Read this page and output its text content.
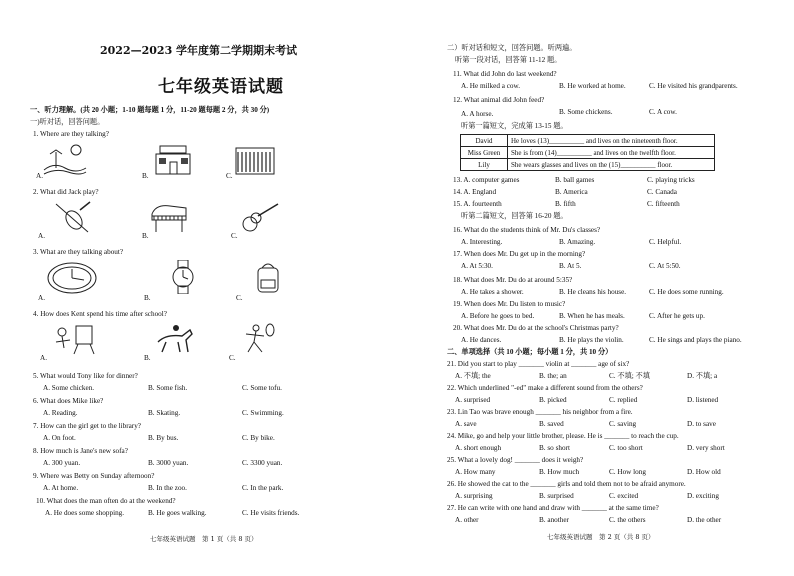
2022—2023 学年度第二学期期末考试
七年级英语试题
一、听力理解。(共 20 小题；1-10 题每题 1 分，11-20 题每题 2 分，共 30 分)
一)听对话，回答问题。
1. Where are they talking?
A.	B.	C.
2. What did Jack play?
A.	B.	C.
3. What are they talking about?
A.	B.	C.
4. How does Kent spend his time after school?
A.	B.	C.
5. What would Tony like for dinner?
A. Some chicken.	B. Some fish.	C. Some tofu.
6. What does Mike like?
A. Reading.	B. Skating.	C. Swimming.
7. How can the girl get to the library?
A. On foot.	B. By bus.	C. By bike.
8. How much is Jane's new sofa?
A. 300 yuan.	B. 3000 yuan.	C. 3300 yuan.
9. Where was Betty on Sunday afternoon?
A. At home.	B. In the zoo.	C. In the park.
10. What does the man often do at the weekend?
A. He does some shopping.	B. He goes walking.	C. He visits friends.
七年级英语试题　第 1 页（共 8 页）
二）听对话和短文，回答问题。听两遍。
听第一段对话，回答第 11-12 题。
11. What did John do last weekend?
A. He milked a cow.	B. He worked at home.	C. He visited his grandparents.
12. What animal did John feed?
A. A horse.	B. Some chickens.	C. A cow.
听第一篇短文，完成第 13-15 题。
David	He loves (13)__________ and lives on the nineteenth floor.
Miss Green	She is from (14)__________ and lives on the twelfth floor.
Lily	She wears glasses and lives on the (15)__________ floor.
13. A. computer games	B. ball games	C. playing tricks
14. A. England	B. America	C. Canada
15. A. fourteenth	B. fifth	C. fifteenth
听第二篇短文，回答第 16-20 题。
16. What do the students think of Mr. Du's classes?
A. Interesting.	B. Amazing.	C. Helpful.
17. When does Mr. Du get up in the morning?
A. At 5:30.	B. At 5.	C. At 5:50.
18. What does Mr. Du do at around 5:35?
A. He takes a shower.	B. He cleans his house.	C. He does some running.
19. When does Mr. Du listen to music?
A. Before he goes to bed.	B. When he has meals.	C. After he gets up.
20. What does Mr. Du do at the school's Christmas party?
A. He dances.	B. He plays the violin.	C. He sings and plays the piano.
二、单项选择（共 10 小题；每小题 1 分，共 10 分）
21. Did you start to play _______ violin at _______ age of six?
A. 不填; the	B. the; an	C. 不填; 不填	D. 不填; a
22. Which underlined "-ed" make a different sound from the others?
A. surprised	B. picked	C. replied	D. listened
23. Lin Tao was brave enough _______ his neighbor from a fire.
A. save	B. saved	C. saving	D. to save
24. Mike, go and help your little brother, please. He is _______ to reach the cup.
A. short enough	B. so short	C. too short	D. very short
25. What a lovely dog! _______ does it weigh?
A. How many	B. How much	C. How long	D. How old
26. He showed the cat to the _______ girls and told them not to be afraid anymore.
A. surprising	B. surprised	C. excited	D. exciting
27. He can write with one hand and draw with _______ at the same time?
A. other	B. another	C. the others	D. the other
七年级英语试题　第 2 页（共 8 页）
